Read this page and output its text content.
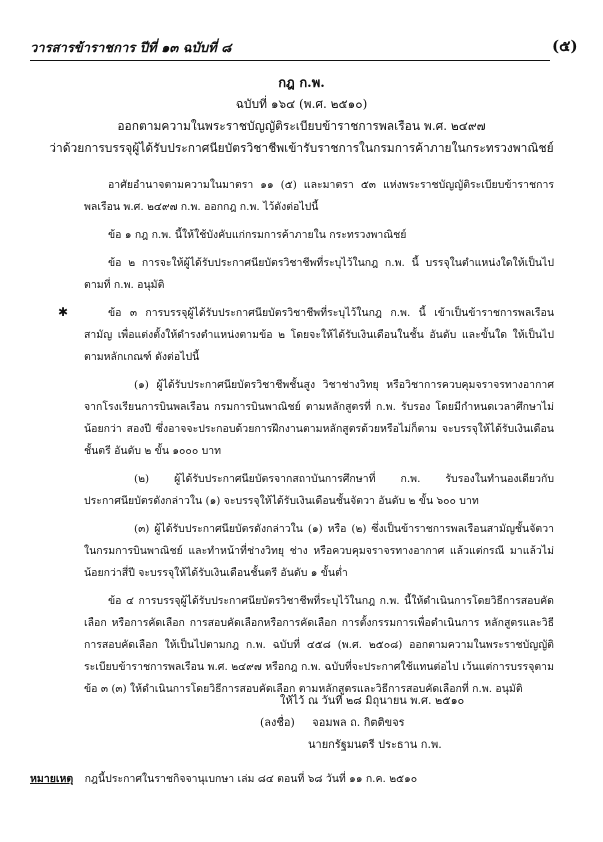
วารสารข้าราชการ ปีที่ ๑๓ ฉบับที่ ๘	(๕)
กฎ ก.พ.
ฉบับที่ ๑๖๔ (พ.ศ. ๒๕๑๐)
ออกตามความในพระราชบัญญัติระเบียบข้าราชการพลเรือน พ.ศ. ๒๔๙๗
ว่าด้วยการบรรจุผู้ได้รับประกาศนียบัตรวิชาชีพเข้ารับราชการในกรมการค้าภายในกระทรวงพาณิชย์
✱

อาศัยอำนาจตามความในมาตรา ๑๑ (๕) และมาตรา ๕๓ แห่งพระราชบัญญัติระเบียบข้าราชการพลเรือน พ.ศ. ๒๔๙๗ ก.พ. ออกกฎ ก.พ. ไว้ดังต่อไปนี้

ข้อ ๑ กฎ ก.พ. นี้ให้ใช้บังคับแก่กรมการค้าภายใน กระทรวงพาณิชย์

ข้อ ๒ การจะให้ผู้ได้รับประกาศนียบัตรวิชาชีพที่ระบุไว้ในกฎ ก.พ. นี้ บรรจุในตำแหน่งใดให้เป็นไปตามที่ ก.พ. อนุมัติ

ข้อ ๓ การบรรจุผู้ได้รับประกาศนียบัตรวิชาชีพที่ระบุไว้ในกฎ ก.พ. นี้ เข้าเป็นข้าราชการพลเรือนสามัญ เพื่อแต่งตั้งให้ดำรงตำแหน่งตามข้อ ๒ โดยจะให้ได้รับเงินเดือนในชั้น อันดับ และขั้นใด ให้เป็นไปตามหลักเกณฑ์ ดังต่อไปนี้

(๑) ผู้ได้รับประกาศนียบัตรวิชาชีพชั้นสูง วิชาช่างวิทยุ หรือวิชาการควบคุมจราจรทางอากาศ จากโรงเรียนการบินพลเรือน กรมการบินพาณิชย์ ตามหลักสูตรที่ ก.พ. รับรอง โดยมีกำหนดเวลาศึกษาไม่น้อยกว่า สองปี ซึ่งอาจจะประกอบด้วยการฝึกงานตามหลักสูตรด้วยหรือไม่ก็ตาม จะบรรจุให้ได้รับเงินเดือนชั้นตรี อันดับ ๒ ขั้น ๑๐๐๐ บาท

(๒) ผู้ได้รับประกาศนียบัตรจากสถาบันการศึกษาที่ ก.พ. รับรองในทำนองเดียวกับประกาศนียบัตรดังกล่าวใน (๑) จะบรรจุให้ได้รับเงินเดือนชั้นจัตวา อันดับ ๒ ขั้น ๖๐๐ บาท

(๓) ผู้ได้รับประกาศนียบัตรดังกล่าวใน (๑) หรือ (๒) ซึ่งเป็นข้าราชการพลเรือนสามัญชั้นจัตวา ในกรมการบินพาณิชย์ และทำหน้าที่ช่างวิทยุ ช่าง หรือควบคุมจราจรทางอากาศ แล้วแต่กรณี มาแล้วไม่น้อยกว่าสี่ปี จะบรรจุให้ได้รับเงินเดือนชั้นตรี อันดับ ๑ ขั้นต่ำ

ข้อ ๔ การบรรจุผู้ได้รับประกาศนียบัตรวิชาชีพที่ระบุไว้ในกฎ ก.พ. นี้ให้ดำเนินการโดยวิธีการสอบคัดเลือก หรือการคัดเลือก การสอบคัดเลือกหรือการคัดเลือก การตั้งกรรมการเพื่อดำเนินการ หลักสูตรและวิธีการสอบคัดเลือก ให้เป็นไปตามกฎ ก.พ. ฉบับที่ ๔๕๘ (พ.ศ. ๒๕๐๘) ออกตามความในพระราชบัญญัติระเบียบข้าราชการพลเรือน พ.ศ. ๒๔๙๗ หรือกฎ ก.พ. ฉบับที่จะประกาศใช้แทนต่อไป เว้นแต่การบรรจุตามข้อ ๓ (๓) ให้ดำเนินการโดยวิธีการสอบคัดเลือก ตามหลักสูตรและวิธีการสอบคัดเลือกที่ ก.พ. อนุมัติ

ให้ไว้ ณ วันที่ ๒๘ มิถุนายน พ.ศ. ๒๕๑๐
(ลงชื่อ) จอมพล ถ. กิตติขจร
นายกรัฐมนตรี ประธาน ก.พ.
หมายเหตุ กฎนี้ประกาศในราชกิจจานุเบกษา เล่ม ๘๔ ตอนที่ ๖๘ วันที่ ๑๑ ก.ค. ๒๕๑๐
